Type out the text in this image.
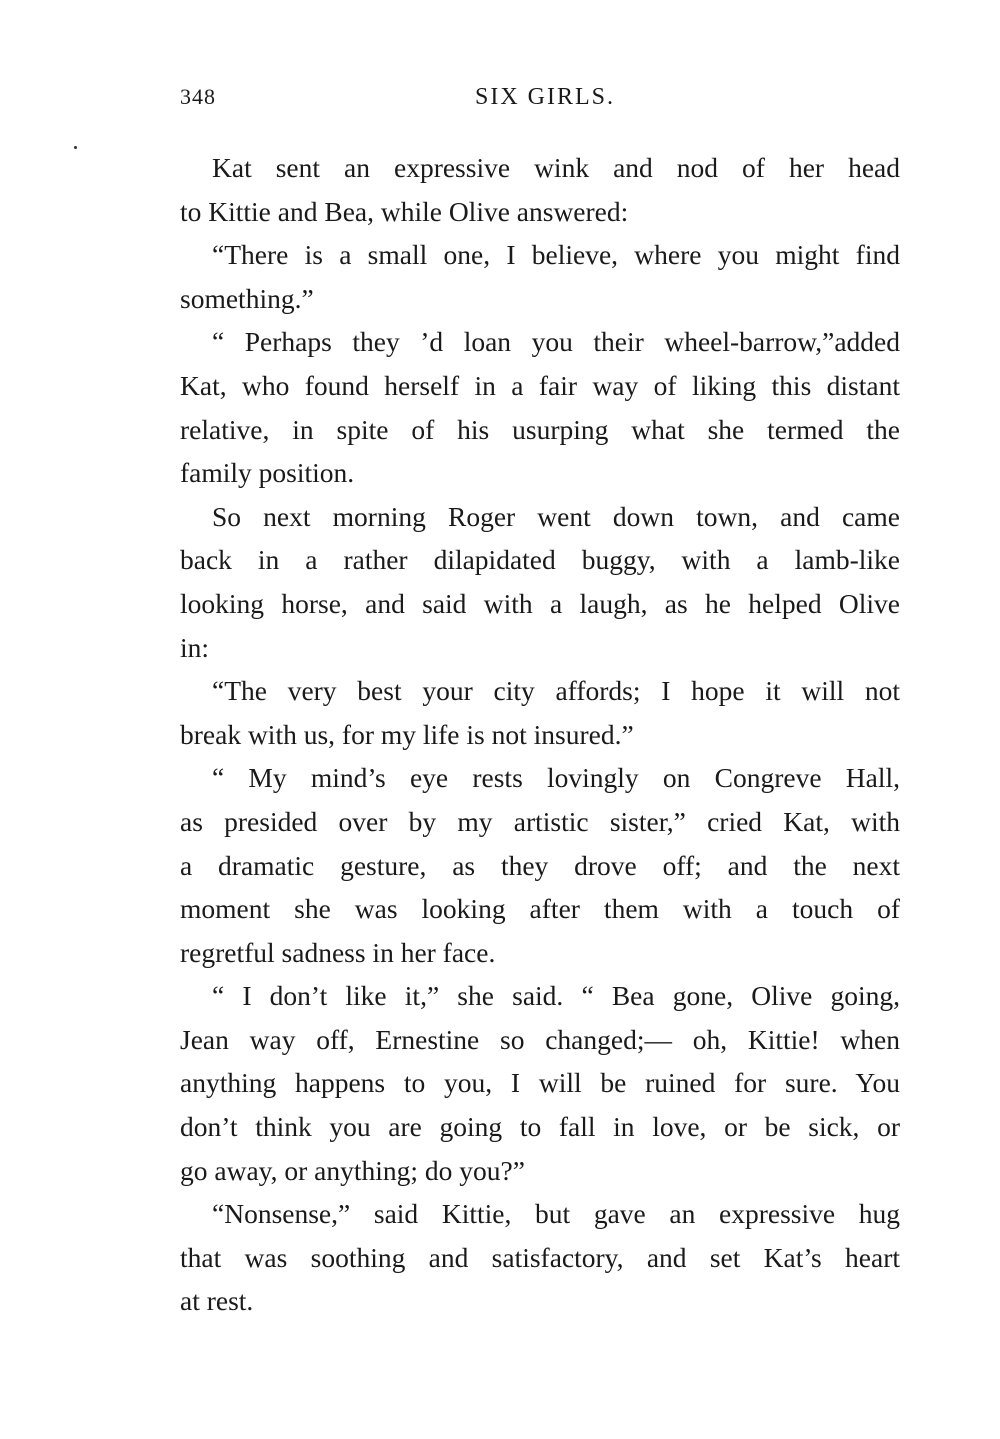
348	SIX GIRLS.
Kat sent an expressive wink and nod of her head
to Kittie and Bea, while Olive answered:
“There is a small one, I believe, where you might find
something.”
“ Perhaps they ’d loan you their wheel-barrow,”added
Kat, who found herself in a fair way of liking this distant
relative, in spite of his usurping what she termed the
family position.
So next morning Roger went down town, and came
back in a rather dilapidated buggy, with a lamb-like
looking horse, and said with a laugh, as he helped Olive
in:
“The very best your city affords; I hope it will not
break with us, for my life is not insured.”
“ My mind’s eye rests lovingly on Congreve Hall,
as presided over by my artistic sister,” cried Kat, with
a dramatic gesture, as they drove off; and the next
moment she was looking after them with a touch of
regretful sadness in her face.
“ I don’t like it,” she said. “ Bea gone, Olive going,
Jean way off, Ernestine so changed;— oh, Kittie! when
anything happens to you, I will be ruined for sure. You
don’t think you are going to fall in love, or be sick, or
go away, or anything; do you?”
“Nonsense,” said Kittie, but gave an expressive hug
that was soothing and satisfactory, and set Kat’s heart
at rest.
